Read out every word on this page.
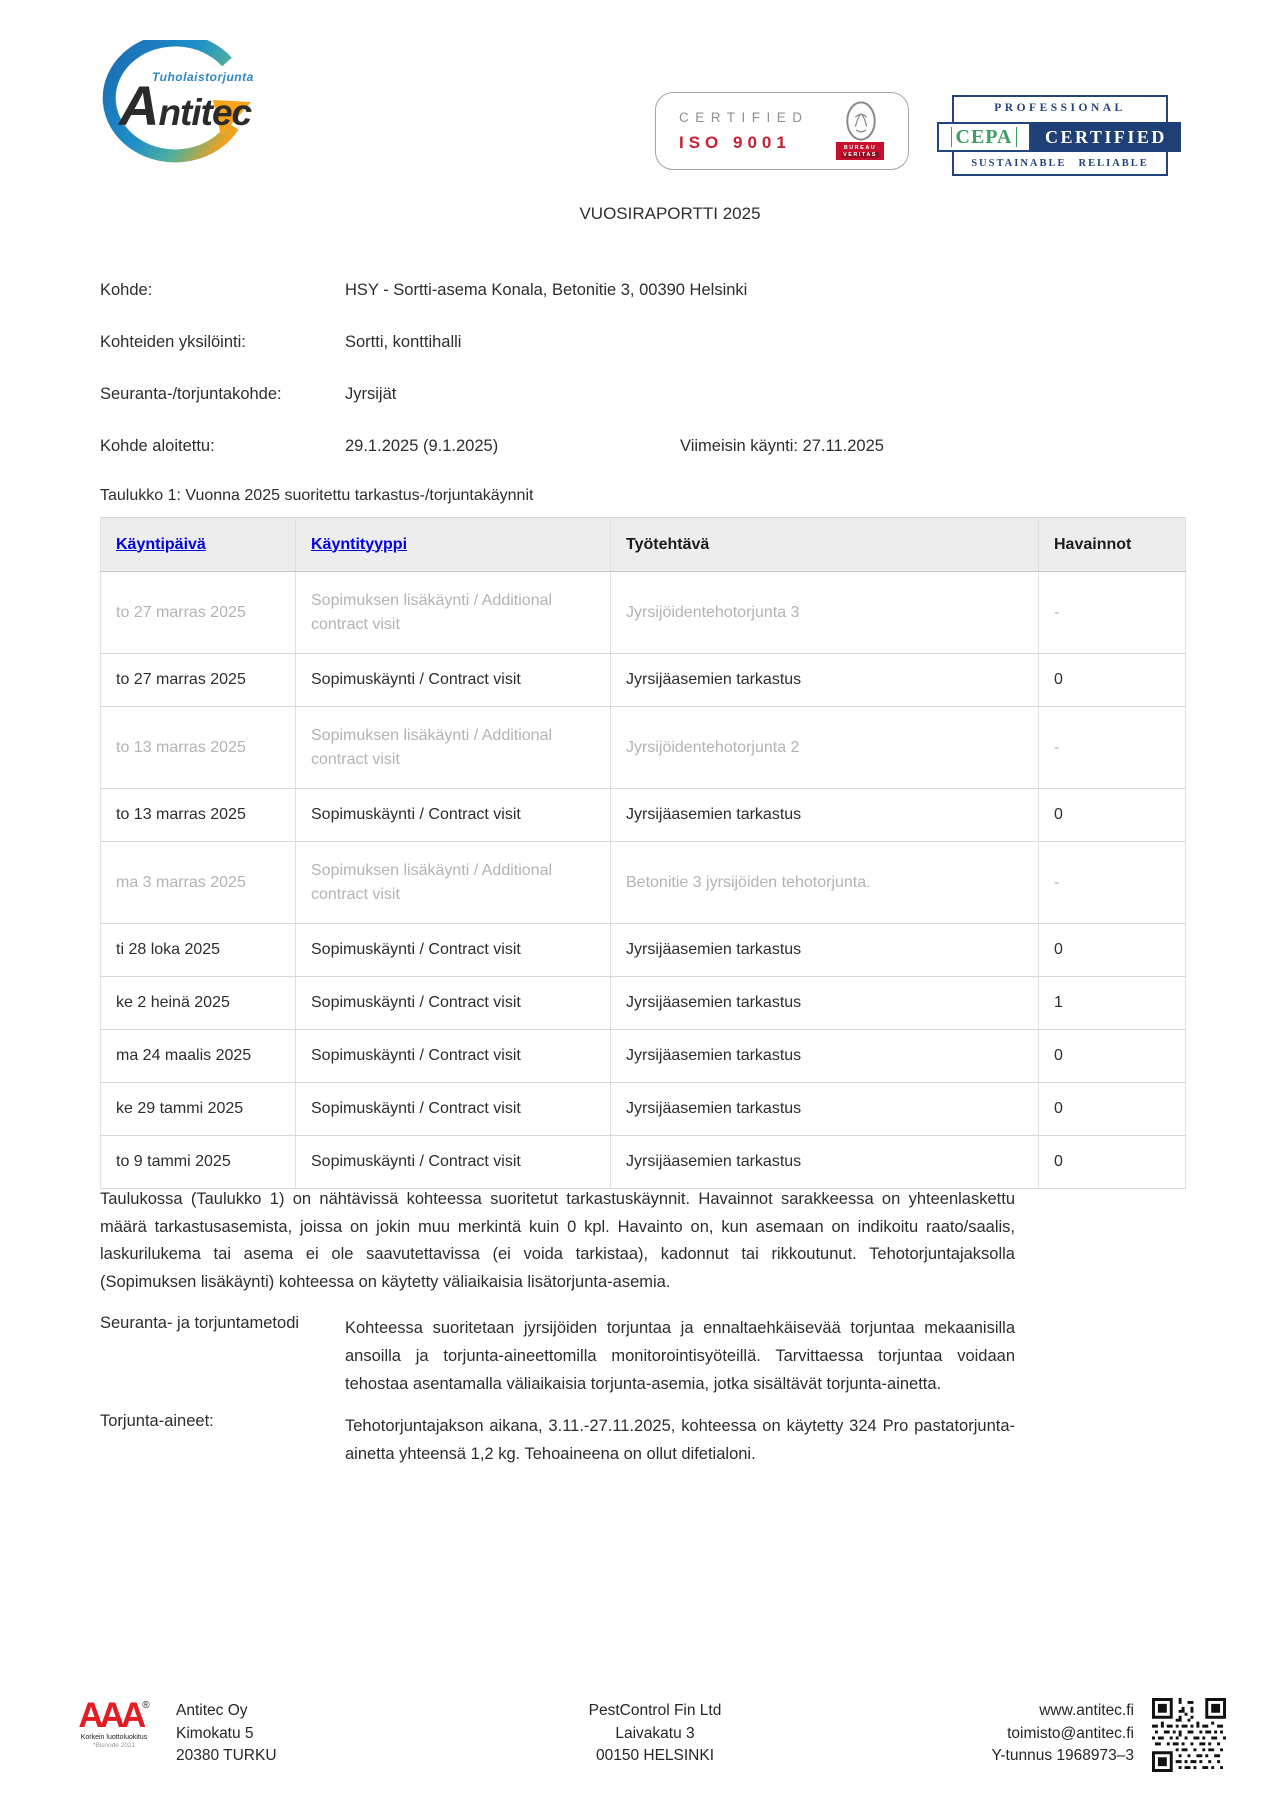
Tuholaistorjunta
Antitec	CERTIFIED
ISO 9001	BUREAU
VERITAS
PROFESSIONAL
CEPA	CERTIFIED
SUSTAINABLE RELIABLE
VUOSIRAPORTTI 2025
Kohde:	HSY - Sortti-asema Konala, Betonitie 3, 00390 Helsinki
Kohteiden yksilöinti:	Sortti, konttihalli
Seuranta-/torjuntakohde:	Jyrsijät
Kohde aloitettu:	29.1.2025 (9.1.2025)	Viimeisin käynti: 27.11.2025
Taulukko 1: Vuonna 2025 suoritettu tarkastus-/torjuntakäynnit
Käyntipäivä	Käyntityyppi	Työtehtävä	Havainnot
to 27 marras 2025	Sopimuksen lisäkäynti / Additional contract visit	Jyrsijöidentehotorjunta 3	-
to 27 marras 2025	Sopimuskäynti / Contract visit	Jyrsijäasemien tarkastus	0
to 13 marras 2025	Sopimuksen lisäkäynti / Additional contract visit	Jyrsijöidentehotorjunta 2	-
to 13 marras 2025	Sopimuskäynti / Contract visit	Jyrsijäasemien tarkastus	0
ma 3 marras 2025	Sopimuksen lisäkäynti / Additional contract visit	Betonitie 3 jyrsijöiden tehotorjunta.	-
ti 28 loka 2025	Sopimuskäynti / Contract visit	Jyrsijäasemien tarkastus	0
ke 2 heinä 2025	Sopimuskäynti / Contract visit	Jyrsijäasemien tarkastus	1
ma 24 maalis 2025	Sopimuskäynti / Contract visit	Jyrsijäasemien tarkastus	0
ke 29 tammi 2025	Sopimuskäynti / Contract visit	Jyrsijäasemien tarkastus	0
to 9 tammi 2025	Sopimuskäynti / Contract visit	Jyrsijäasemien tarkastus	0
Taulukossa (Taulukko 1) on nähtävissä kohteessa suoritetut tarkastuskäynnit. Havainnot sarakkeessa on yhteenlaskettu määrä tarkastusasemista, joissa on jokin muu merkintä kuin 0 kpl. Havainto on, kun asemaan on indikoitu raato/saalis, laskurilukema tai asema ei ole saavutettavissa (ei voida tarkistaa), kadonnut tai rikkoutunut. Tehotorjuntajaksolla (Sopimuksen lisäkäynti) kohteessa on käytetty väliaikaisia lisätorjunta-asemia.
Seuranta- ja torjuntametodi	Kohteessa suoritetaan jyrsijöiden torjuntaa ja ennaltaehkäisevää torjuntaa mekaanisilla ansoilla ja torjunta-aineettomilla monitorointisyöteillä. Tarvittaessa torjuntaa voidaan tehostaa asentamalla väliaikaisia torjunta-asemia, jotka sisältävät torjunta-ainetta.
Torjunta-aineet:	Tehotorjuntajakson aikana, 3.11.-27.11.2025, kohteessa on käytetty 324 Pro pastatorjunta-ainetta yhteensä 1,2 kg. Tehoaineena on ollut difetialoni.
AAA®
Korkein luottoluokitus
*Bisnode 2021
Antitec Oy
Kimokatu 5
20380 TURKU
PestControl Fin Ltd
Laivakatu 3
00150 HELSINKI
www.antitec.fi
toimisto@antitec.fi
Y-tunnus 1968973–3
